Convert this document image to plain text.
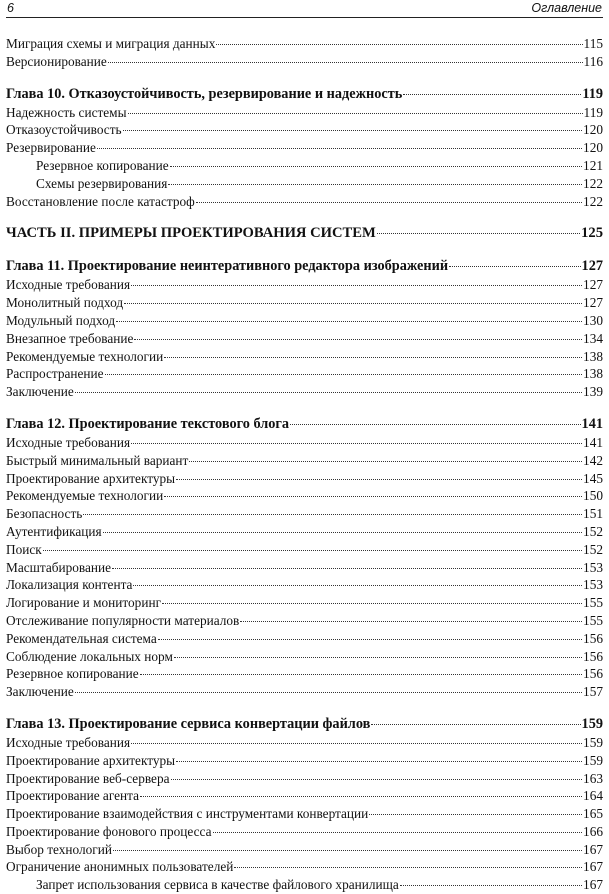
6	Оглавление
Миграция схемы и миграция данных	115
Версионирование	116
Глава 10. Отказоустойчивость, резервирование и надежность	119
Надежность системы	119
Отказоустойчивость	120
Резервирование	120
Резервное копирование	121
Схемы резервирования	122
Восстановление после катастроф	122
ЧАСТЬ II. ПРИМЕРЫ ПРОЕКТИРОВАНИЯ СИСТЕМ	125
Глава 11. Проектирование неинтеративного редактора изображений	127
Исходные требования	127
Монолитный подход	127
Модульный подход	130
Внезапное требование	134
Рекомендуемые технологии	138
Распространение	138
Заключение	139
Глава 12. Проектирование текстового блога	141
Исходные требования	141
Быстрый минимальный вариант	142
Проектирование архитектуры	145
Рекомендуемые технологии	150
Безопасность	151
Аутентификация	152
Поиск	152
Масштабирование	153
Локализация контента	153
Логирование и мониторинг	155
Отслеживание популярности материалов	155
Рекомендательная система	156
Соблюдение локальных норм	156
Резервное копирование	156
Заключение	157
Глава 13. Проектирование сервиса конвертации файлов	159
Исходные требования	159
Проектирование архитектуры	159
Проектирование веб-сервера	163
Проектирование агента	164
Проектирование взаимодействия с инструментами конвертации	165
Проектирование фонового процесса	166
Выбор технологий	167
Ограничение анонимных пользователей	167
Запрет использования сервиса в качестве файлового хранилища	167
